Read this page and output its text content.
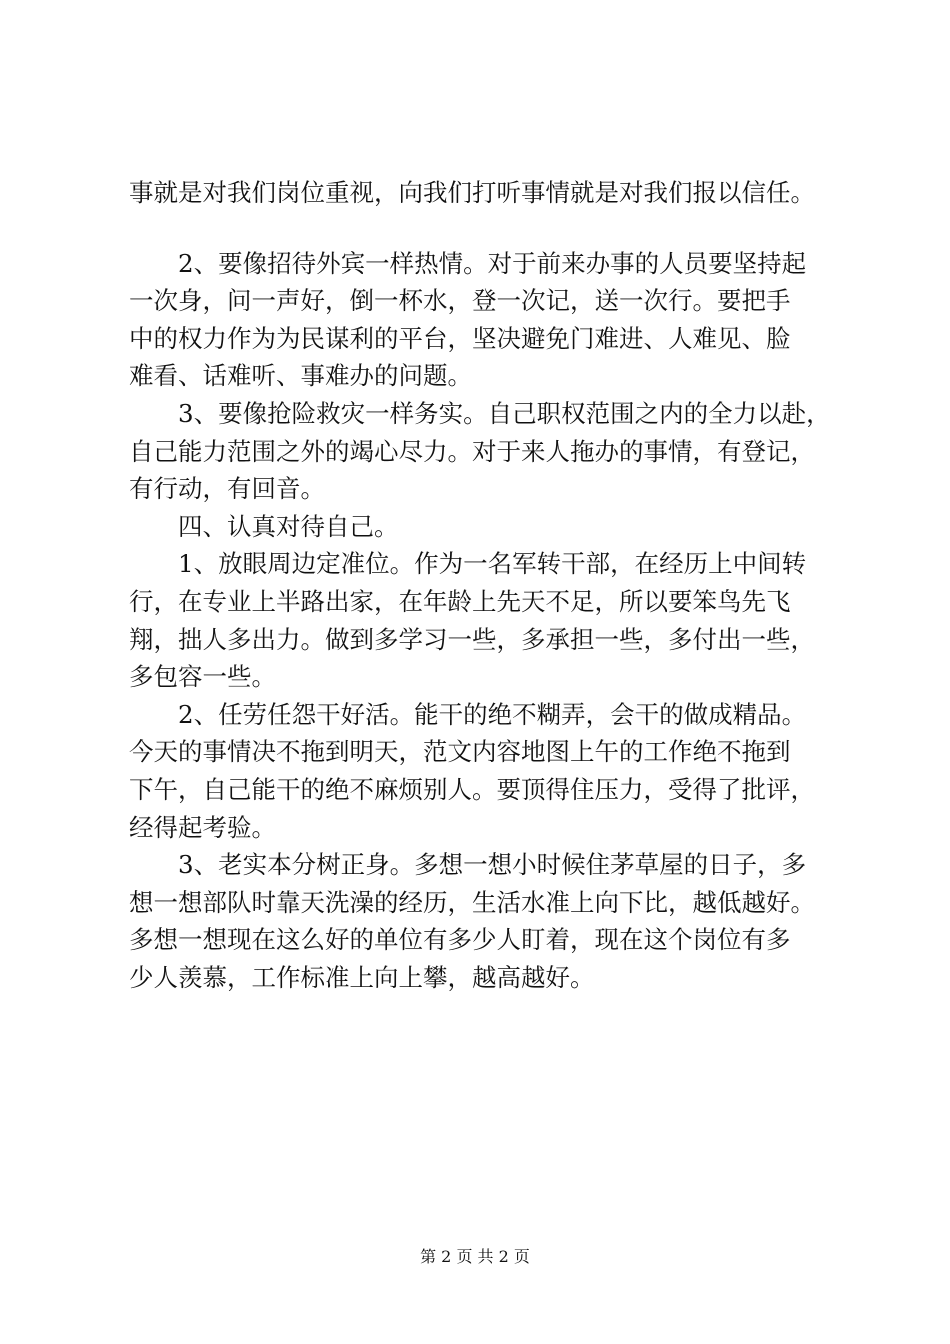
事就是对我们岗位重视，向我们打听事情就是对我们报以信任。
　　2、要像招待外宾一样热情。对于前来办事的人员要坚持起
一次身，问一声好，倒一杯水，登一次记，送一次行。要把手
中的权力作为为民谋利的平台，坚决避免门难进、人难见、脸
难看、话难听、事难办的问题。
　　3、要像抢险救灾一样务实。自己职权范围之内的全力以赴，
自己能力范围之外的竭心尽力。对于来人拖办的事情，有登记，
有行动，有回音。
　　四、认真对待自己。
　　1、放眼周边定准位。作为一名军转干部，在经历上中间转
行，在专业上半路出家，在年龄上先天不足，所以要笨鸟先飞
翔，拙人多出力。做到多学习一些，多承担一些，多付出一些，
多包容一些。
　　2、任劳任怨干好活。能干的绝不糊弄，会干的做成精品。
今天的事情决不拖到明天，范文内容地图上午的工作绝不拖到
下午，自己能干的绝不麻烦别人。要顶得住压力，受得了批评，
经得起考验。
　　3、老实本分树正身。多想一想小时候住茅草屋的日子，多
想一想部队时靠天洗澡的经历，生活水准上向下比，越低越好。
多想一想现在这么好的单位有多少人盯着，现在这个岗位有多
少人羡慕，工作标准上向上攀，越高越好。
第 2 页 共 2 页
